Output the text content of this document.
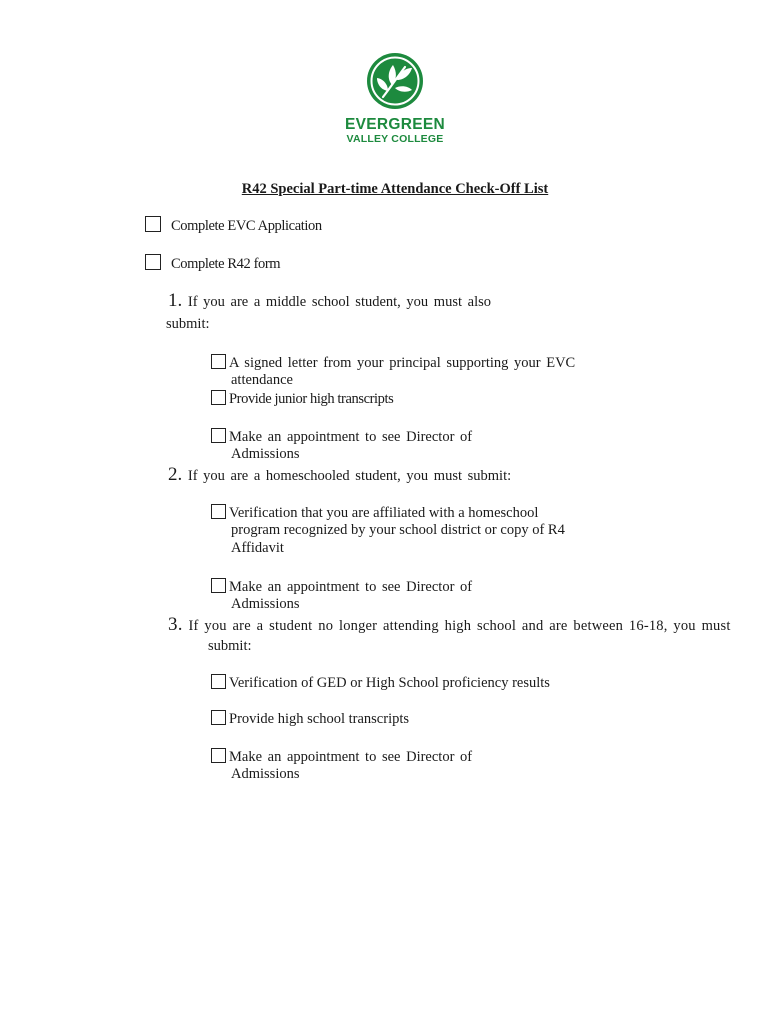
EVERGREEN
VALLEY COLLEGE
R42 Special Part-time Attendance Check-Off List
Complete EVC Application
Complete R42 form
1. If you are a middle school student, you must also
submit:
A signed letter from your principal supporting your EVC
attendance
Provide junior high transcripts
Make an appointment to see Director of
Admissions
2. If you are a homeschooled student, you must submit:
Verification that you are affiliated with a homeschool
program recognized by your school district or copy of R4
Affidavit
Make an appointment to see Director of
Admissions
3. If you are a student no longer attending high school and are between 16-18, you must
submit:
Verification of GED or High School proficiency results
Provide high school transcripts
Make an appointment to see Director of
Admissions
